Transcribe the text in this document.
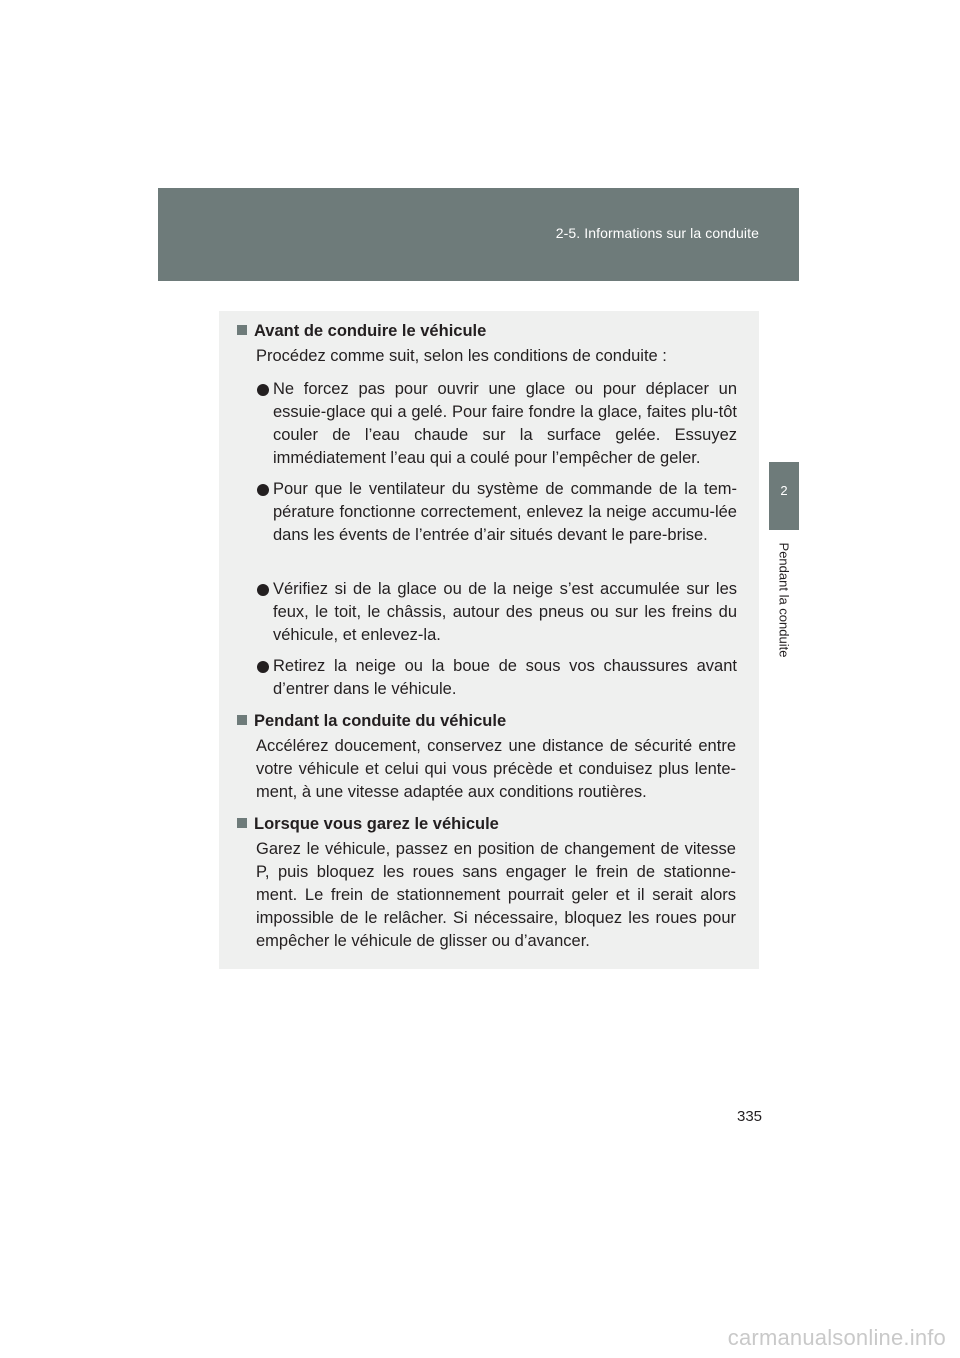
2-5. Informations sur la conduite
2
Pendant la conduite
Avant de conduire le véhicule
Procédez comme suit, selon les conditions de conduite :
Ne forcez pas pour ouvrir une glace ou pour déplacer un essuie-glace qui a gelé. Pour faire fondre la glace, faites plu-tôt couler de l’eau chaude sur la surface gelée. Essuyez immédiatement l’eau qui a coulé pour l’empêcher de geler.
Pour que le ventilateur du système de commande de la tem-pérature fonctionne correctement, enlevez la neige accumu-lée dans les évents de l’entrée d’air situés devant le pare-brise.
Vérifiez si de la glace ou de la neige s’est accumulée sur les feux, le toit, le châssis, autour des pneus ou sur les freins du véhicule, et enlevez-la.
Retirez la neige ou la boue de sous vos chaussures avant d’entrer dans le véhicule.
Pendant la conduite du véhicule
Accélérez doucement, conservez une distance de sécurité entre votre véhicule et celui qui vous précède et conduisez plus lente-ment, à une vitesse adaptée aux conditions routières.
Lorsque vous garez le véhicule
Garez le véhicule, passez en position de changement de vitesse P, puis bloquez les roues sans engager le frein de stationne-ment. Le frein de stationnement pourrait geler et il serait alors impossible de le relâcher. Si nécessaire, bloquez les roues pour empêcher le véhicule de glisser ou d’avancer.
335
carmanualsonline.info
